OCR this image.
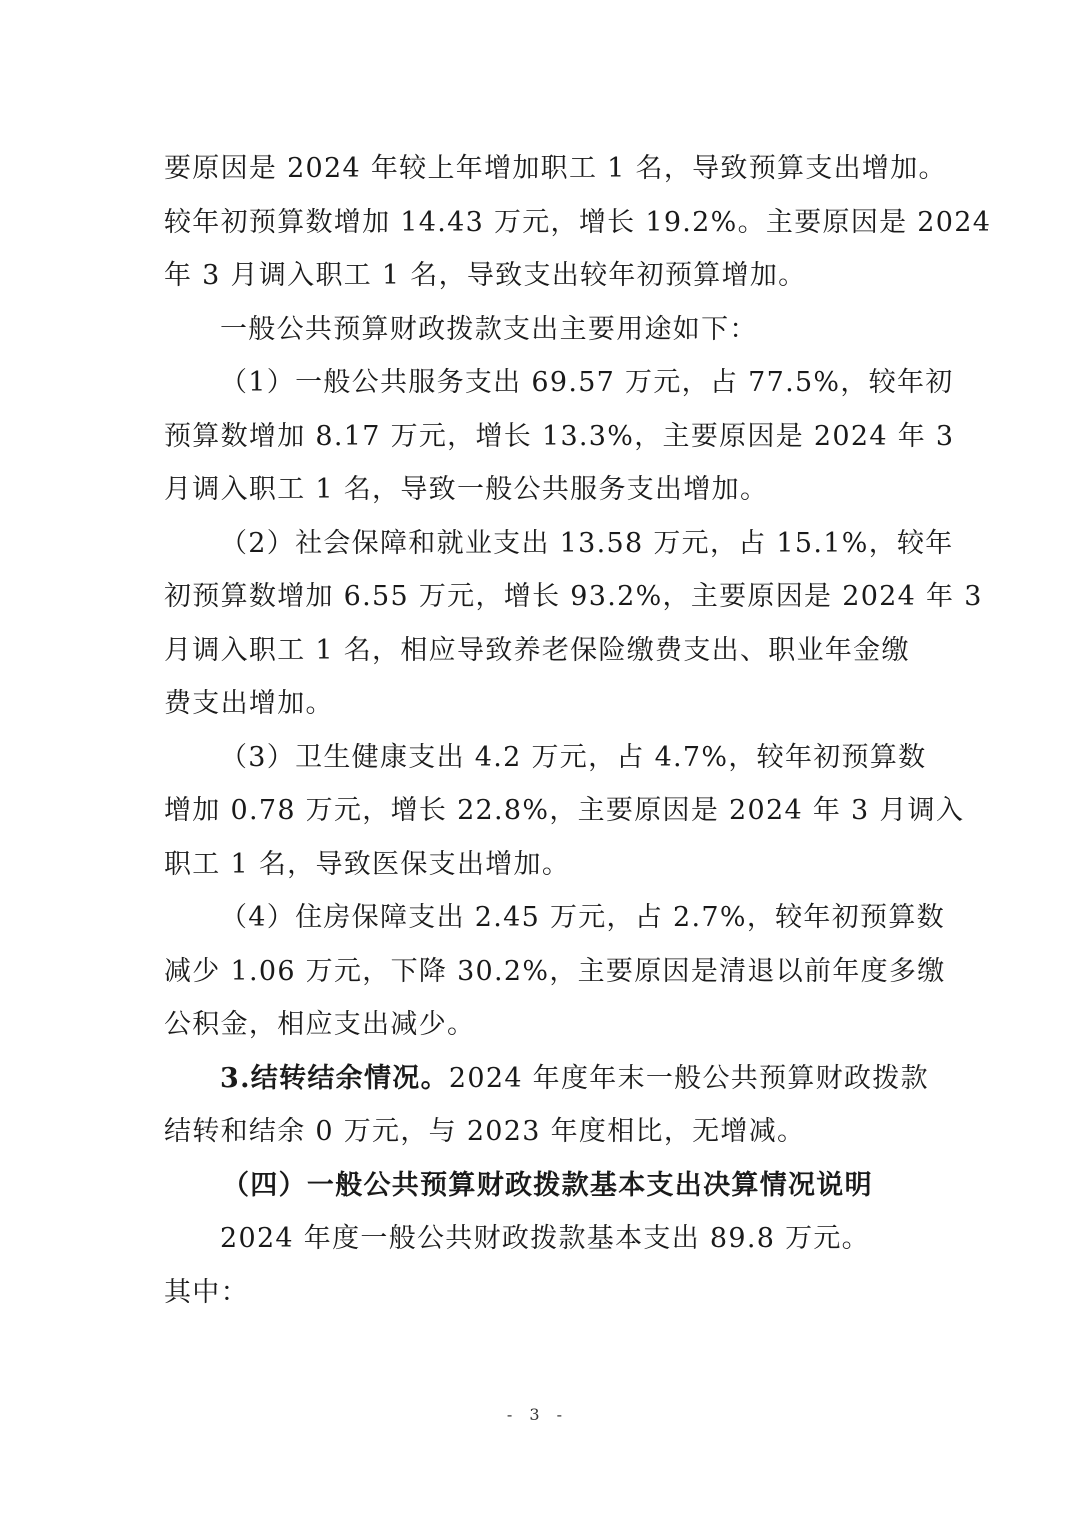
要原因是 2024 年较上年增加职工 1 名，导致预算支出增加。
较年初预算数增加 14.43 万元，增长 19.2%。主要原因是 2024
年 3 月调入职工 1 名，导致支出较年初预算增加。

一般公共预算财政拨款支出主要用途如下：

（1）一般公共服务支出 69.57 万元，占 77.5%，较年初
预算数增加 8.17 万元，增长 13.3%，主要原因是 2024 年 3
月调入职工 1 名，导致一般公共服务支出增加。

（2）社会保障和就业支出 13.58 万元，占 15.1%，较年
初预算数增加 6.55 万元，增长 93.2%，主要原因是 2024 年 3
月调入职工 1 名，相应导致养老保险缴费支出、职业年金缴
费支出增加。

（3）卫生健康支出 4.2 万元，占 4.7%，较年初预算数
增加 0.78 万元，增长 22.8%，主要原因是 2024 年 3 月调入
职工 1 名，导致医保支出增加。

（4）住房保障支出 2.45 万元，占 2.7%，较年初预算数
减少 1.06 万元，下降 30.2%，主要原因是清退以前年度多缴
公积金，相应支出减少。

3.结转结余情况。2024 年度年末一般公共预算财政拨款
结转和结余 0 万元，与 2023 年度相比，无增减。

（四）一般公共预算财政拨款基本支出决算情况说明

2024 年度一般公共财政拨款基本支出 89.8 万元。
其中：

- 3 -
